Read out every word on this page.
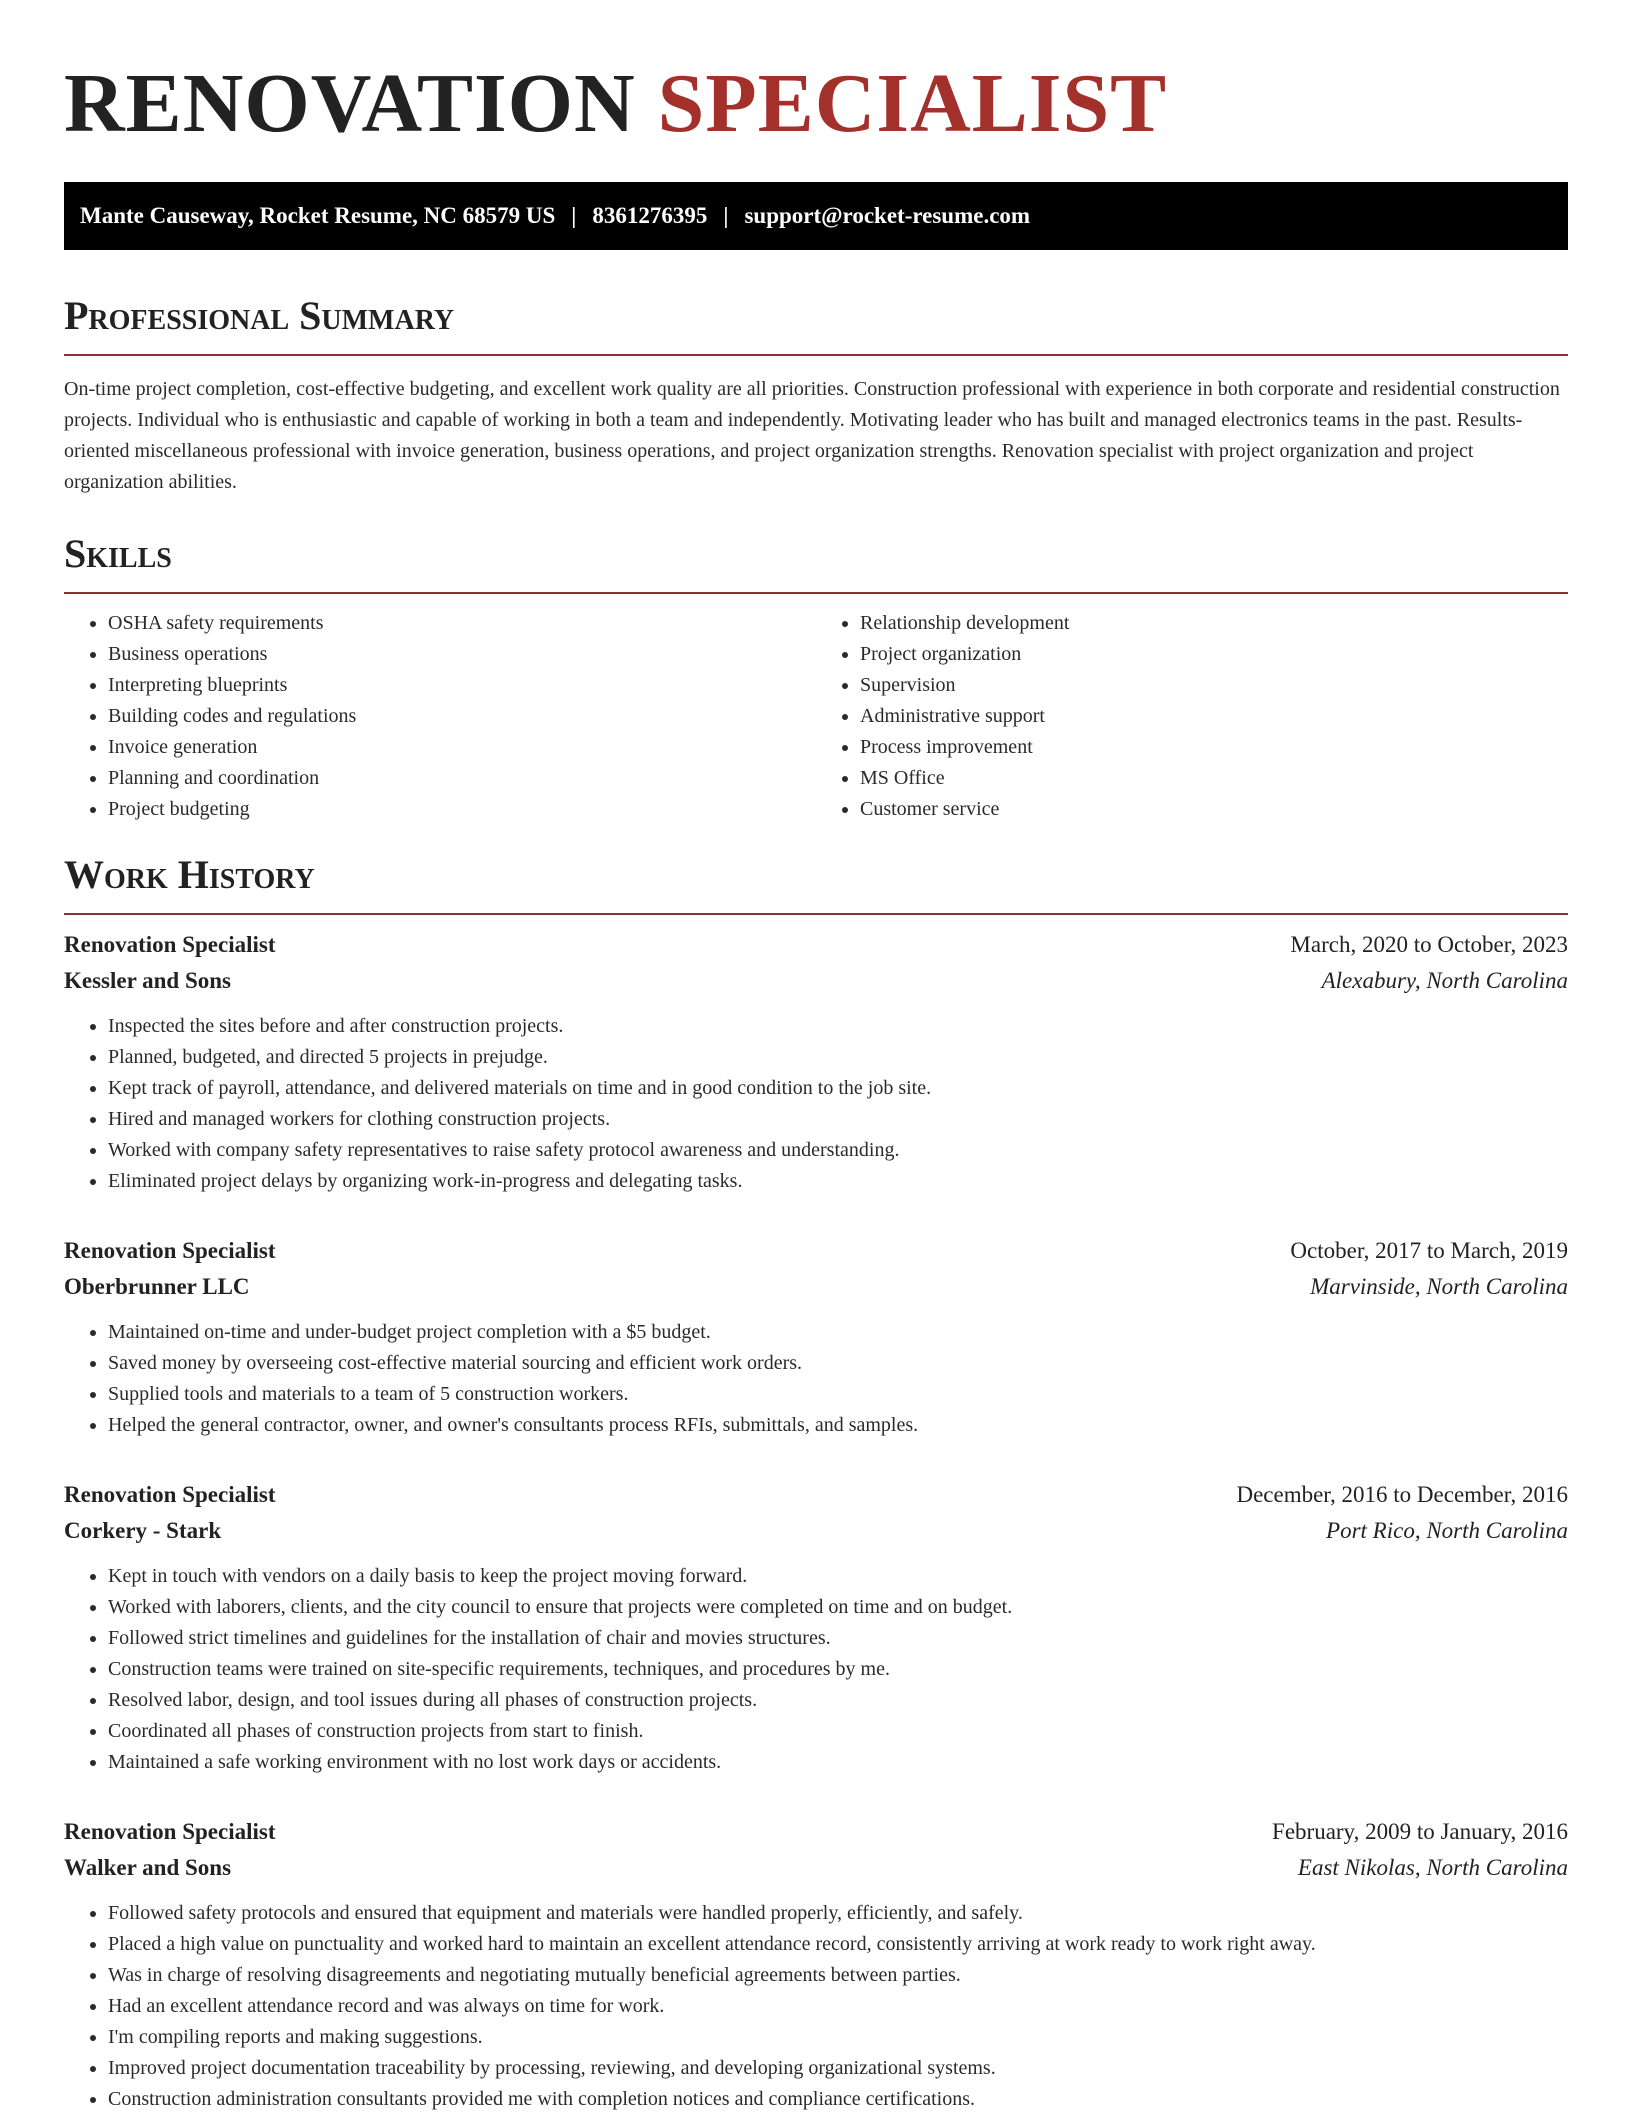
RENOVATION SPECIALIST
Mante Causeway, Rocket Resume, NC 68579 US | 8361276395 | support@rocket-resume.com
Professional Summary

On-time project completion, cost-effective budgeting, and excellent work quality are all priorities. Construction professional with experience in both corporate and residential construction projects. Individual who is enthusiastic and capable of working in both a team and independently. Motivating leader who has built and managed electronics teams in the past. Results-oriented miscellaneous professional with invoice generation, business operations, and project organization strengths. Renovation specialist with project organization and project organization abilities.

Skills
• OSHA safety requirements
• Business operations
• Interpreting blueprints
• Building codes and regulations
• Invoice generation
• Planning and coordination
• Project budgeting
• Relationship development
• Project organization
• Supervision
• Administrative support
• Process improvement
• MS Office
• Customer service
Work History
Renovation Specialist	March, 2020 to October, 2023
Kessler and Sons	Alexabury, North Carolina
• Inspected the sites before and after construction projects.
• Planned, budgeted, and directed 5 projects in prejudge.
• Kept track of payroll, attendance, and delivered materials on time and in good condition to the job site.
• Hired and managed workers for clothing construction projects.
• Worked with company safety representatives to raise safety protocol awareness and understanding.
• Eliminated project delays by organizing work-in-progress and delegating tasks.
Renovation Specialist	October, 2017 to March, 2019
Oberbrunner LLC	Marvinside, North Carolina
• Maintained on-time and under-budget project completion with a $5 budget.
• Saved money by overseeing cost-effective material sourcing and efficient work orders.
• Supplied tools and materials to a team of 5 construction workers.
• Helped the general contractor, owner, and owner's consultants process RFIs, submittals, and samples.
Renovation Specialist	December, 2016 to December, 2016
Corkery - Stark	Port Rico, North Carolina
• Kept in touch with vendors on a daily basis to keep the project moving forward.
• Worked with laborers, clients, and the city council to ensure that projects were completed on time and on budget.
• Followed strict timelines and guidelines for the installation of chair and movies structures.
• Construction teams were trained on site-specific requirements, techniques, and procedures by me.
• Resolved labor, design, and tool issues during all phases of construction projects.
• Coordinated all phases of construction projects from start to finish.
• Maintained a safe working environment with no lost work days or accidents.
Renovation Specialist	February, 2009 to January, 2016
Walker and Sons	East Nikolas, North Carolina
• Followed safety protocols and ensured that equipment and materials were handled properly, efficiently, and safely.
• Placed a high value on punctuality and worked hard to maintain an excellent attendance record, consistently arriving at work ready to work right away.
• Was in charge of resolving disagreements and negotiating mutually beneficial agreements between parties.
• Had an excellent attendance record and was always on time for work.
• I'm compiling reports and making suggestions.
• Improved project documentation traceability by processing, reviewing, and developing organizational systems.
• Construction administration consultants provided me with completion notices and compliance certifications.
